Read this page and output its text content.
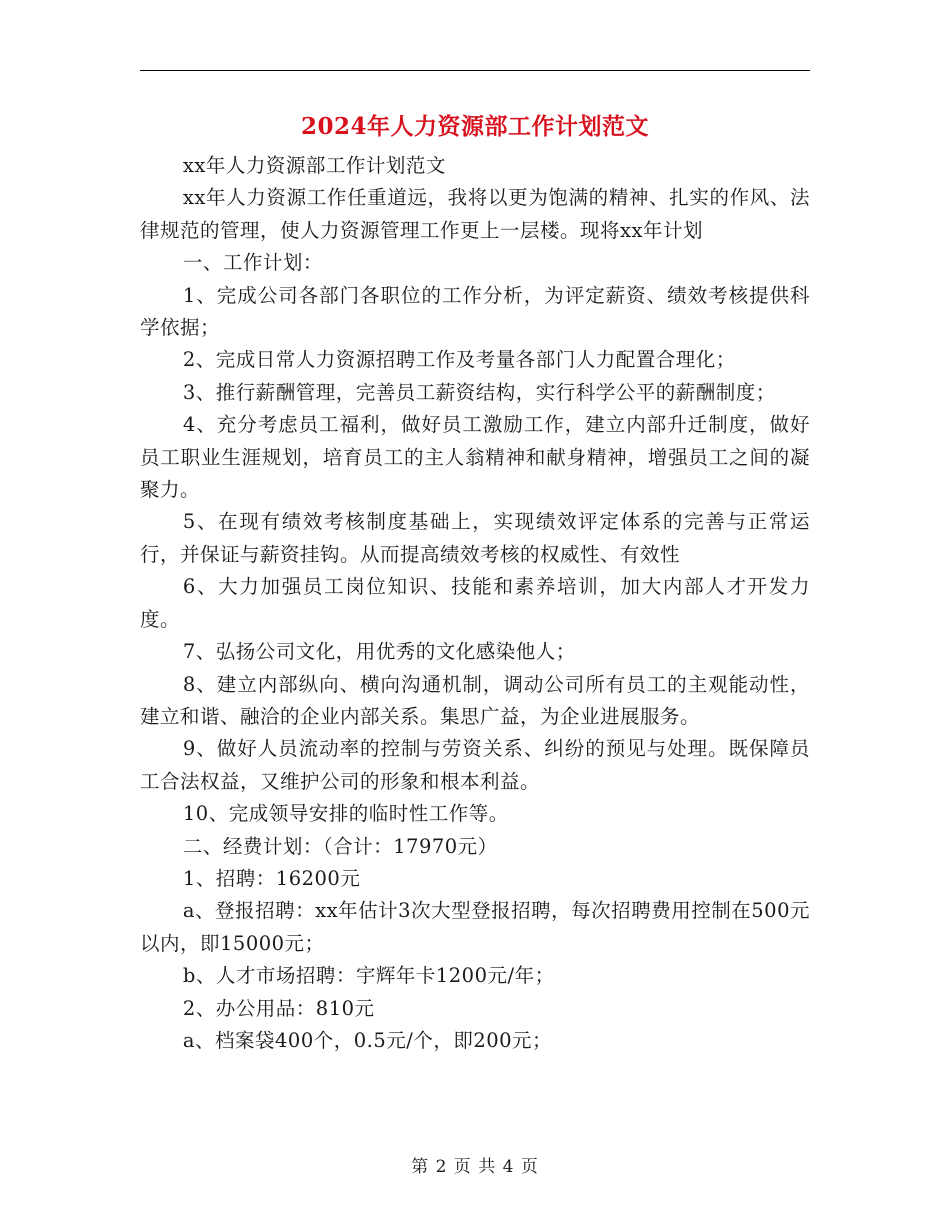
2024年人力资源部工作计划范文

xx年人力资源部工作计划范文

xx年人力资源工作任重道远，我将以更为饱满的精神、扎实的作风、法律规范的管理，使人力资源管理工作更上一层楼。现将xx年计划

一、工作计划：

1、完成公司各部门各职位的工作分析，为评定薪资、绩效考核提供科学依据；

2、完成日常人力资源招聘工作及考量各部门人力配置合理化；

3、推行薪酬管理，完善员工薪资结构，实行科学公平的薪酬制度；

4、充分考虑员工福利，做好员工激励工作，建立内部升迁制度，做好员工职业生涯规划，培育员工的主人翁精神和献身精神，增强员工之间的凝聚力。

5、在现有绩效考核制度基础上，实现绩效评定体系的完善与正常运行，并保证与薪资挂钩。从而提高绩效考核的权威性、有效性

6、大力加强员工岗位知识、技能和素养培训，加大内部人才开发力度。

7、弘扬公司文化，用优秀的文化感染他人；

8、建立内部纵向、横向沟通机制，调动公司所有员工的主观能动性，建立和谐、融洽的企业内部关系。集思广益，为企业进展服务。

9、做好人员流动率的控制与劳资关系、纠纷的预见与处理。既保障员工合法权益，又维护公司的形象和根本利益。

10、完成领导安排的临时性工作等。

二、经费计划：（合计：17970元）

1、招聘：16200元

a、登报招聘：xx年估计3次大型登报招聘，每次招聘费用控制在500元以内，即15000元；

b、人才市场招聘：宇辉年卡1200元/年；

2、办公用品：810元

a、档案袋400个，0.5元/个，即200元；

第 2 页 共 4 页
